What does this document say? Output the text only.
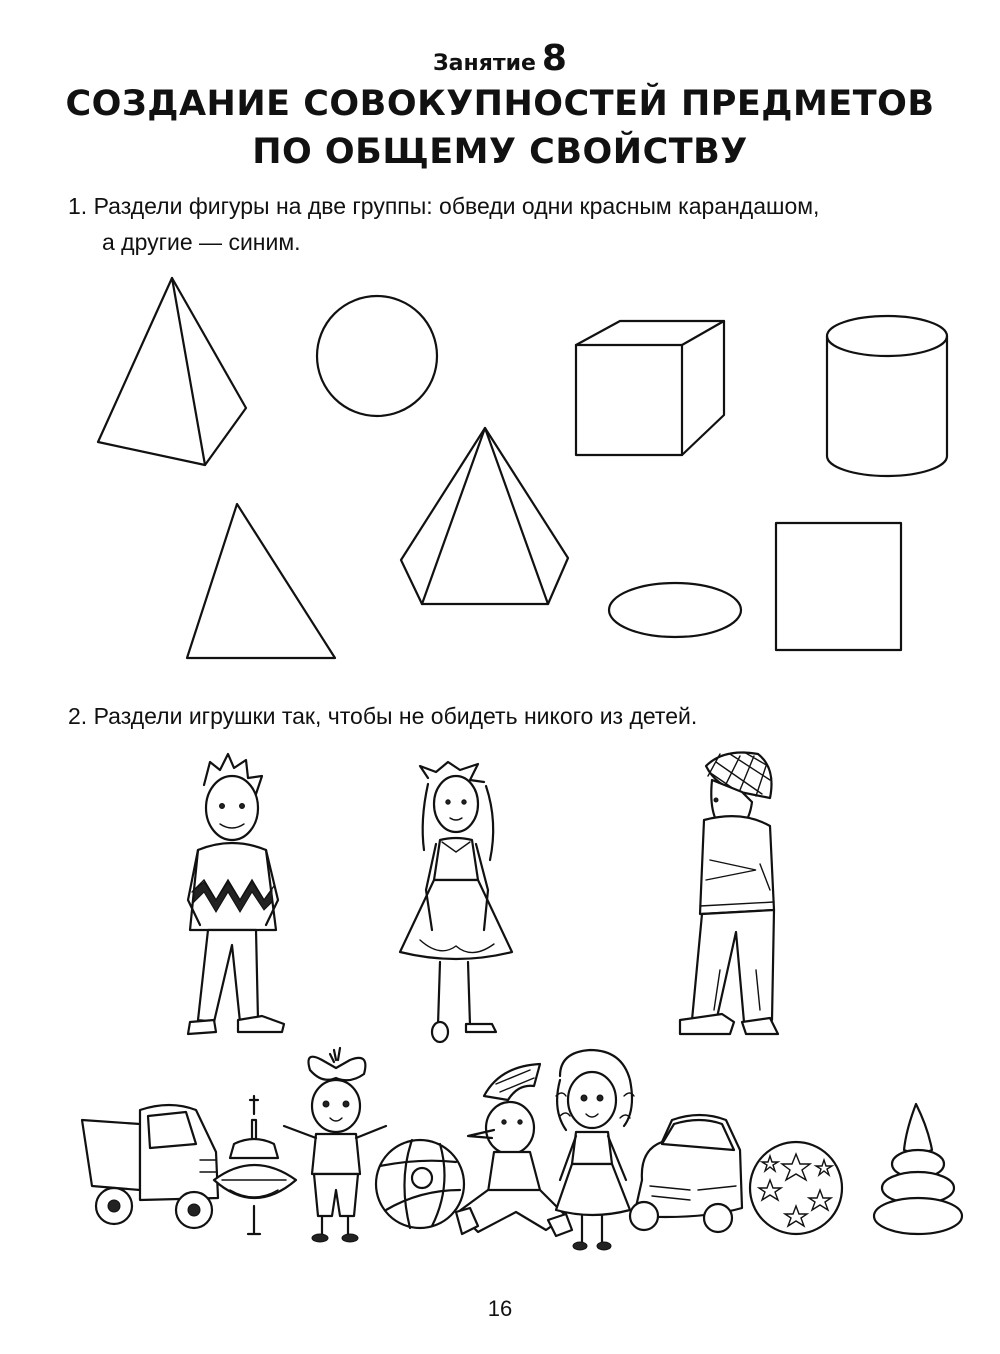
Занятие 8
СОЗДАНИЕ СОВОКУПНОСТЕЙ ПРЕДМЕТОВ
ПО ОБЩЕМУ СВОЙСТВУ
1. Раздели фигуры на две группы: обведи одни красным карандашом,
а другие — синим.
2. Раздели игрушки так, чтобы не обидеть никого из детей.
16
